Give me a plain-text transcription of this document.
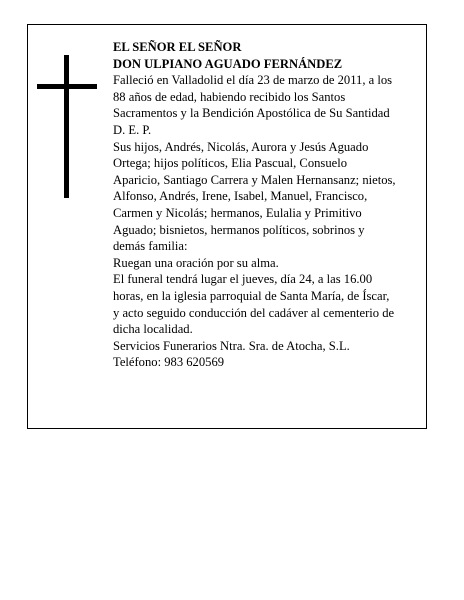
EL SEÑOR EL SEÑOR
DON ULPIANO AGUADO FERNÁNDEZ

Falleció en Valladolid el día 23 de marzo de 2011, a los

88 años de edad, habiendo recibido los Santos

Sacramentos y la Bendición Apostólica de Su Santidad

D. E. P.

Sus hijos, Andrés, Nicolás, Aurora y Jesús Aguado

Ortega; hijos políticos, Elia Pascual, Consuelo

Aparicio, Santiago Carrera y Malen Hernansanz; nietos,

Alfonso, Andrés, Irene, Isabel, Manuel, Francisco,

Carmen y Nicolás; hermanos, Eulalia y Primitivo

Aguado; bisnietos, hermanos políticos, sobrinos y

demás familia:

Ruegan una oración por su alma.

El funeral tendrá lugar el jueves, día 24, a las 16.00

horas, en la iglesia parroquial de Santa María, de Íscar,

y acto seguido conducción del cadáver al cementerio de

dicha localidad.

Servicios Funerarios Ntra. Sra. de Atocha, S.L.

Teléfono: 983 620569
